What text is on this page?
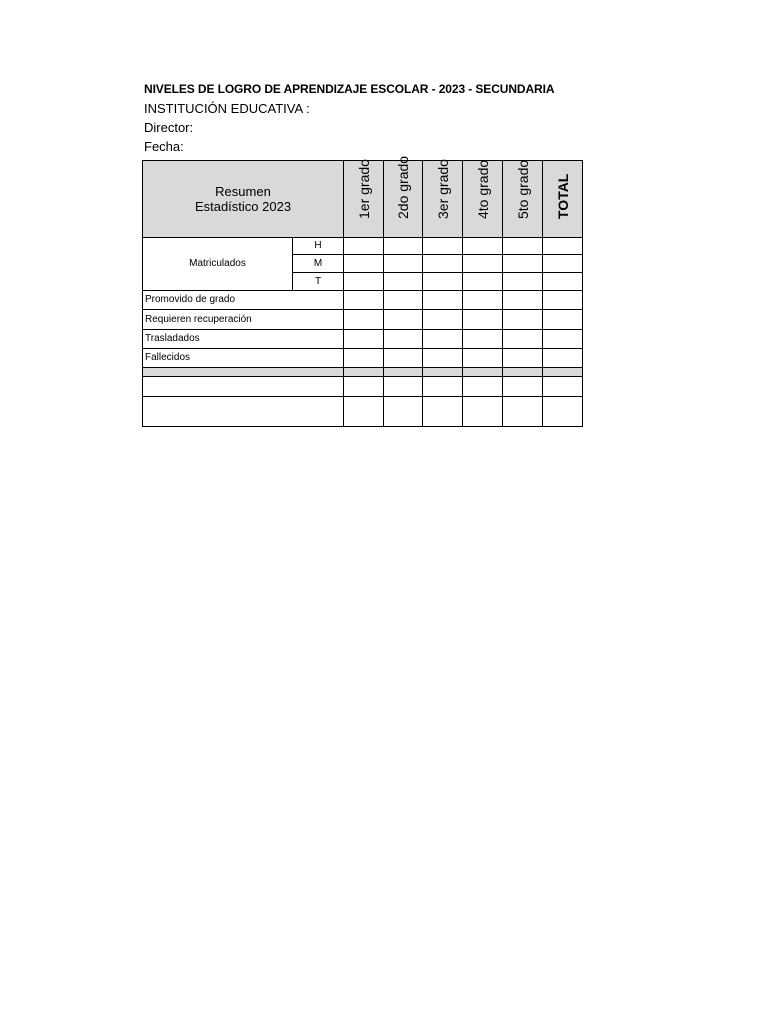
NIVELES DE LOGRO DE APRENDIZAJE ESCOLAR - 2023 - SECUNDARIA
INSTITUCIÓN EDUCATIVA :
Director:
Fecha:
Resumen
Estadístico 2023		1er grado	2do grado	3er grado	4to grado	5to grado	TOTAL

Matriculados	H						
	M						
	T						
Promovido de grado							
Requieren recuperación							
Trasladados							
Fallecidos							
